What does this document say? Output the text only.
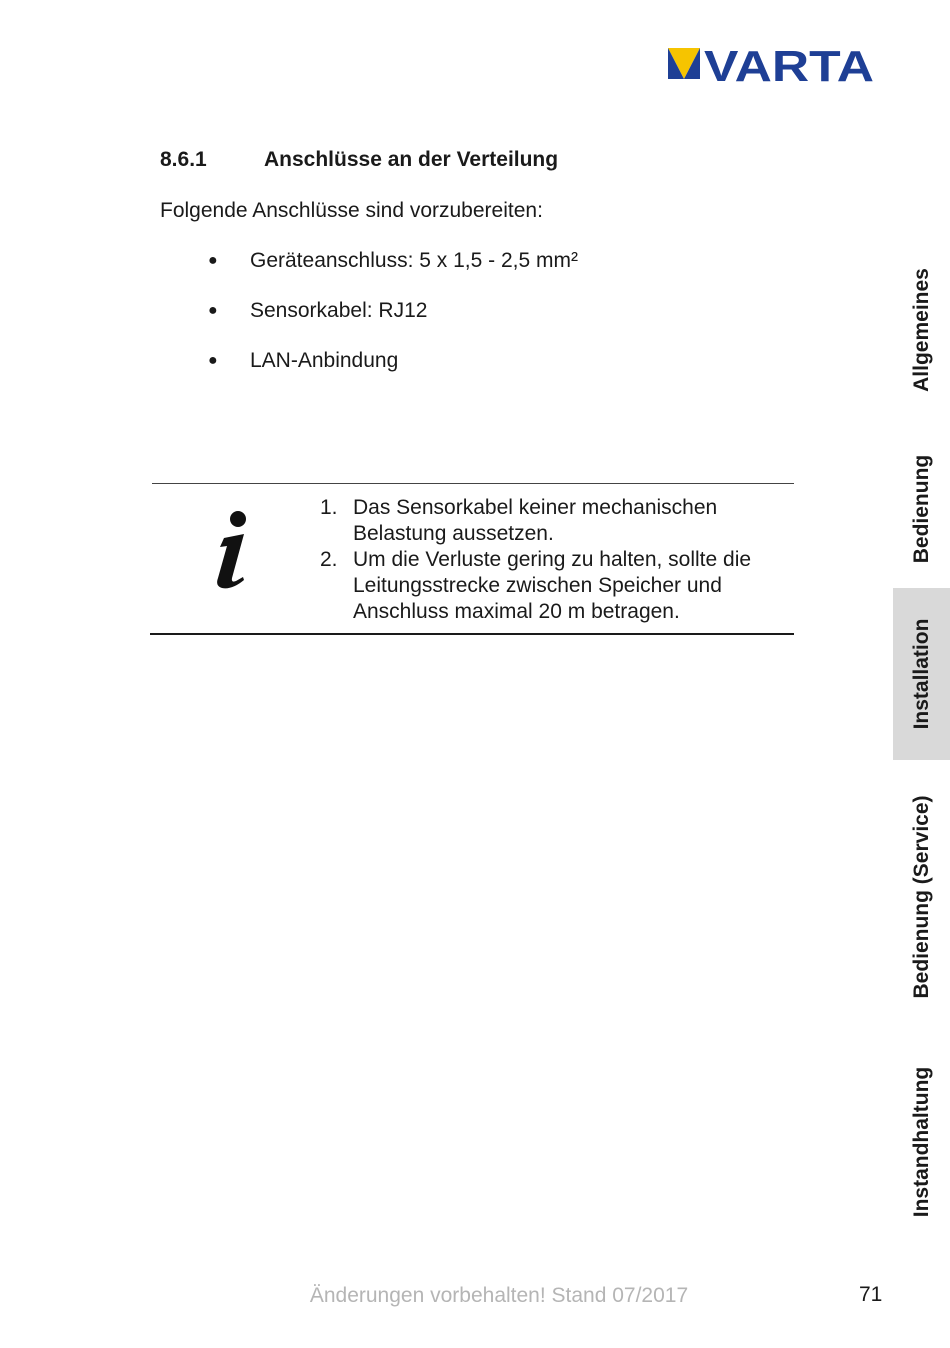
VARTA
8.6.1	Anschlüsse an der Verteilung
Folgende Anschlüsse sind vorzubereiten:
● Geräteanschluss: 5 x 1,5 - 2,5 mm²
● Sensorkabel: RJ12
● LAN-Anbindung
1. Das Sensorkabel keiner mechanischen Belastung aussetzen.
2. Um die Verluste gering zu halten, sollte die Leitungsstrecke zwischen Speicher und Anschluss maximal 20 m betragen.
Allgemeines
Bedienung
Installation
Bedienung (Service)
Instandhaltung
Änderungen vorbehalten! Stand 07/2017	71
